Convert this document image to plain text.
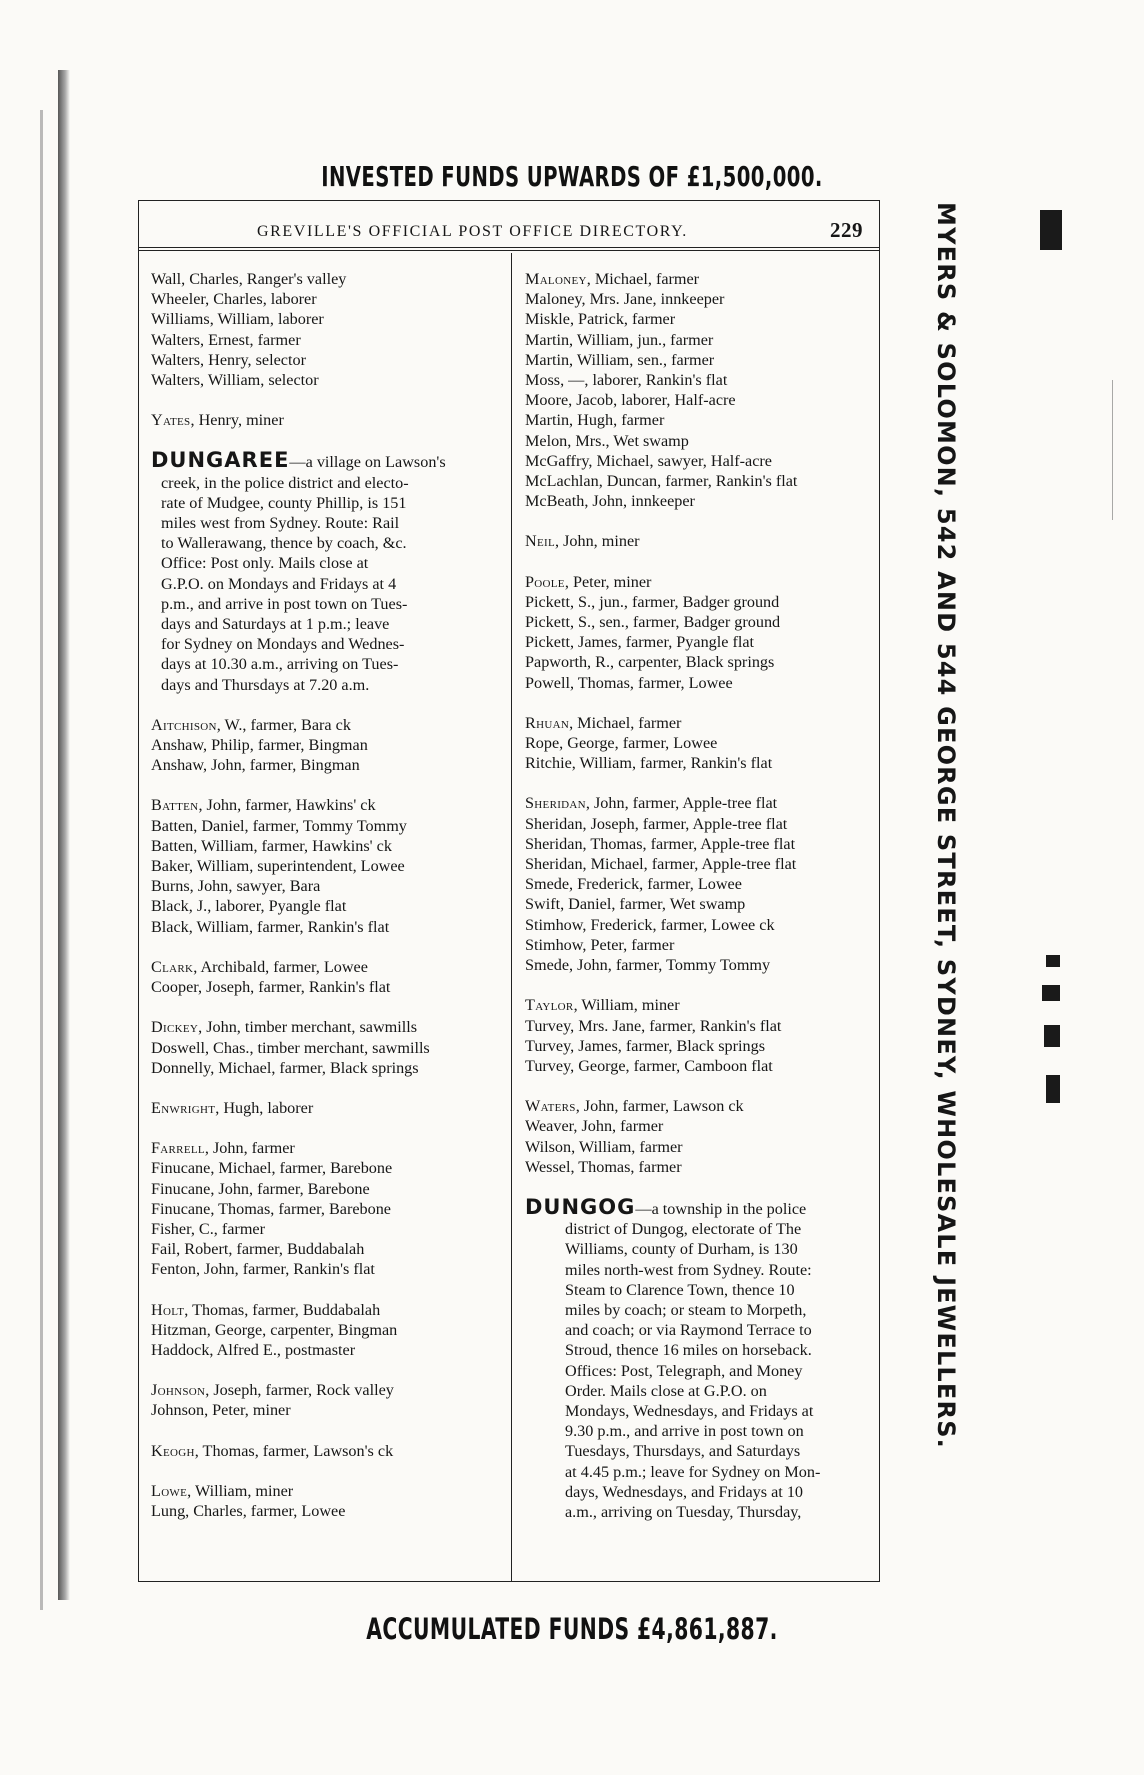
INVESTED FUNDS UPWARDS OF £1,500,000.
GREVILLE'S OFFICIAL POST OFFICE DIRECTORY.	229
Wall, Charles, Ranger's valley
Wheeler, Charles, laborer
Williams, William, laborer
Walters, Ernest, farmer
Walters, Henry, selector
Walters, William, selector
Yates, Henry, miner
DUNGAREE—a village on Lawson's
creek, in the police district and electo-
rate of Mudgee, county Phillip, is 151
miles west from Sydney. Route: Rail
to Wallerawang, thence by coach, &c.
Office: Post only. Mails close at
G.P.O. on Mondays and Fridays at 4
p.m., and arrive in post town on Tues-
days and Saturdays at 1 p.m.; leave
for Sydney on Mondays and Wednes-
days at 10.30 a.m., arriving on Tues-
days and Thursdays at 7.20 a.m.
Aitchison, W., farmer, Bara ck
Anshaw, Philip, farmer, Bingman
Anshaw, John, farmer, Bingman
Batten, John, farmer, Hawkins' ck
Batten, Daniel, farmer, Tommy Tommy
Batten, William, farmer, Hawkins' ck
Baker, William, superintendent, Lowee
Burns, John, sawyer, Bara
Black, J., laborer, Pyangle flat
Black, William, farmer, Rankin's flat
Clark, Archibald, farmer, Lowee
Cooper, Joseph, farmer, Rankin's flat
Dickey, John, timber merchant, sawmills
Doswell, Chas., timber merchant, sawmills
Donnelly, Michael, farmer, Black springs
Enwright, Hugh, laborer
Farrell, John, farmer
Finucane, Michael, farmer, Barebone
Finucane, John, farmer, Barebone
Finucane, Thomas, farmer, Barebone
Fisher, C., farmer
Fail, Robert, farmer, Buddabalah
Fenton, John, farmer, Rankin's flat
Holt, Thomas, farmer, Buddabalah
Hitzman, George, carpenter, Bingman
Haddock, Alfred E., postmaster
Johnson, Joseph, farmer, Rock valley
Johnson, Peter, miner
Keogh, Thomas, farmer, Lawson's ck
Lowe, William, miner
Lung, Charles, farmer, Lowee
Maloney, Michael, farmer
Maloney, Mrs. Jane, innkeeper
Miskle, Patrick, farmer
Martin, William, jun., farmer
Martin, William, sen., farmer
Moss, —, laborer, Rankin's flat
Moore, Jacob, laborer, Half-acre
Martin, Hugh, farmer
Melon, Mrs., Wet swamp
McGaffry, Michael, sawyer, Half-acre
McLachlan, Duncan, farmer, Rankin's flat
McBeath, John, innkeeper
Neil, John, miner
Poole, Peter, miner
Pickett, S., jun., farmer, Badger ground
Pickett, S., sen., farmer, Badger ground
Pickett, James, farmer, Pyangle flat
Papworth, R., carpenter, Black springs
Powell, Thomas, farmer, Lowee
Rhuan, Michael, farmer
Rope, George, farmer, Lowee
Ritchie, William, farmer, Rankin's flat
Sheridan, John, farmer, Apple-tree flat
Sheridan, Joseph, farmer, Apple-tree flat
Sheridan, Thomas, farmer, Apple-tree flat
Sheridan, Michael, farmer, Apple-tree flat
Smede, Frederick, farmer, Lowee
Swift, Daniel, farmer, Wet swamp
Stimhow, Frederick, farmer, Lowee ck
Stimhow, Peter, farmer
Smede, John, farmer, Tommy Tommy
Taylor, William, miner
Turvey, Mrs. Jane, farmer, Rankin's flat
Turvey, James, farmer, Black springs
Turvey, George, farmer, Camboon flat
Waters, John, farmer, Lawson ck
Weaver, John, farmer
Wilson, William, farmer
Wessel, Thomas, farmer
DUNGOG—a township in the police
district of Dungog, electorate of The
Williams, county of Durham, is 130
miles north-west from Sydney. Route:
Steam to Clarence Town, thence 10
miles by coach; or steam to Morpeth,
and coach; or via Raymond Terrace to
Stroud, thence 16 miles on horseback.
Offices: Post, Telegraph, and Money
Order. Mails close at G.P.O. on
Mondays, Wednesdays, and Fridays at
9.30 p.m., and arrive in post town on
Tuesdays, Thursdays, and Saturdays
at 4.45 p.m.; leave for Sydney on Mon-
days, Wednesdays, and Fridays at 10
a.m., arriving on Tuesday, Thursday,
MYERS & SOLOMON, 542 AND 544 GEORGE STREET, SYDNEY, WHOLESALE JEWELLERS.
ACCUMULATED FUNDS £4,861,887.
